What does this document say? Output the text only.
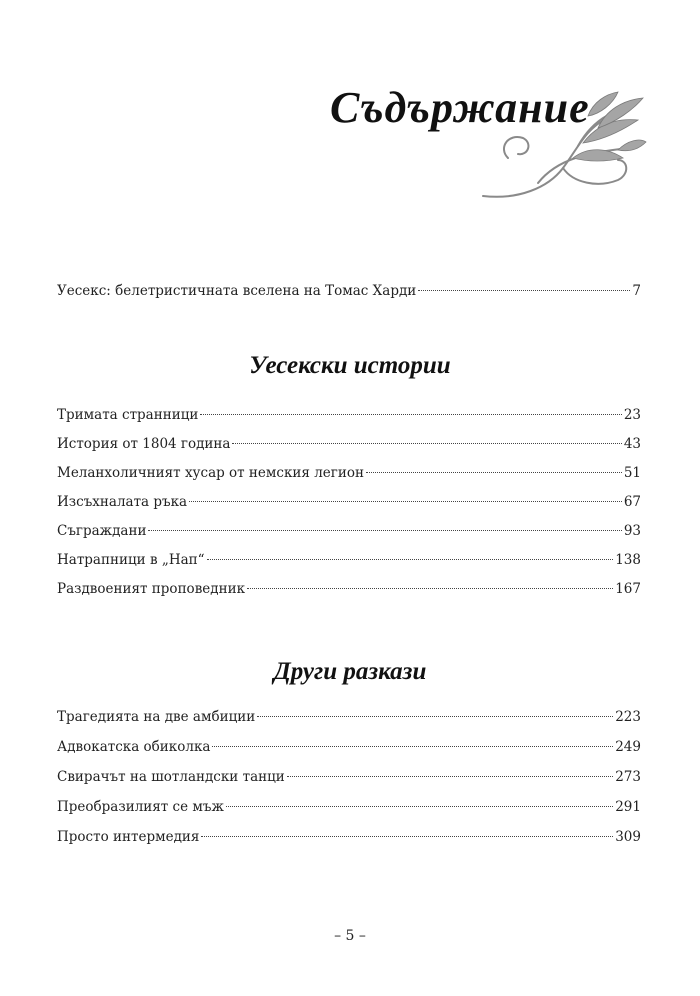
Съдържание
Уесекс: белетристичната вселена на Томас Харди	7
Уесекски истории
Тримата странници	23
История от 1804 година	43
Меланхоличният хусар от немския легион	51
Изсъхналата ръка	67
Съграждани	93
Натрапници в „Нап“	138
Раздвоеният проповедник	167
Други разкази
Трагедията на две амбиции	223
Адвокатска обиколка	249
Свирачът на шотландски танци	273
Преобразилият се мъж	291
Просто интермедия	309
– 5 –
